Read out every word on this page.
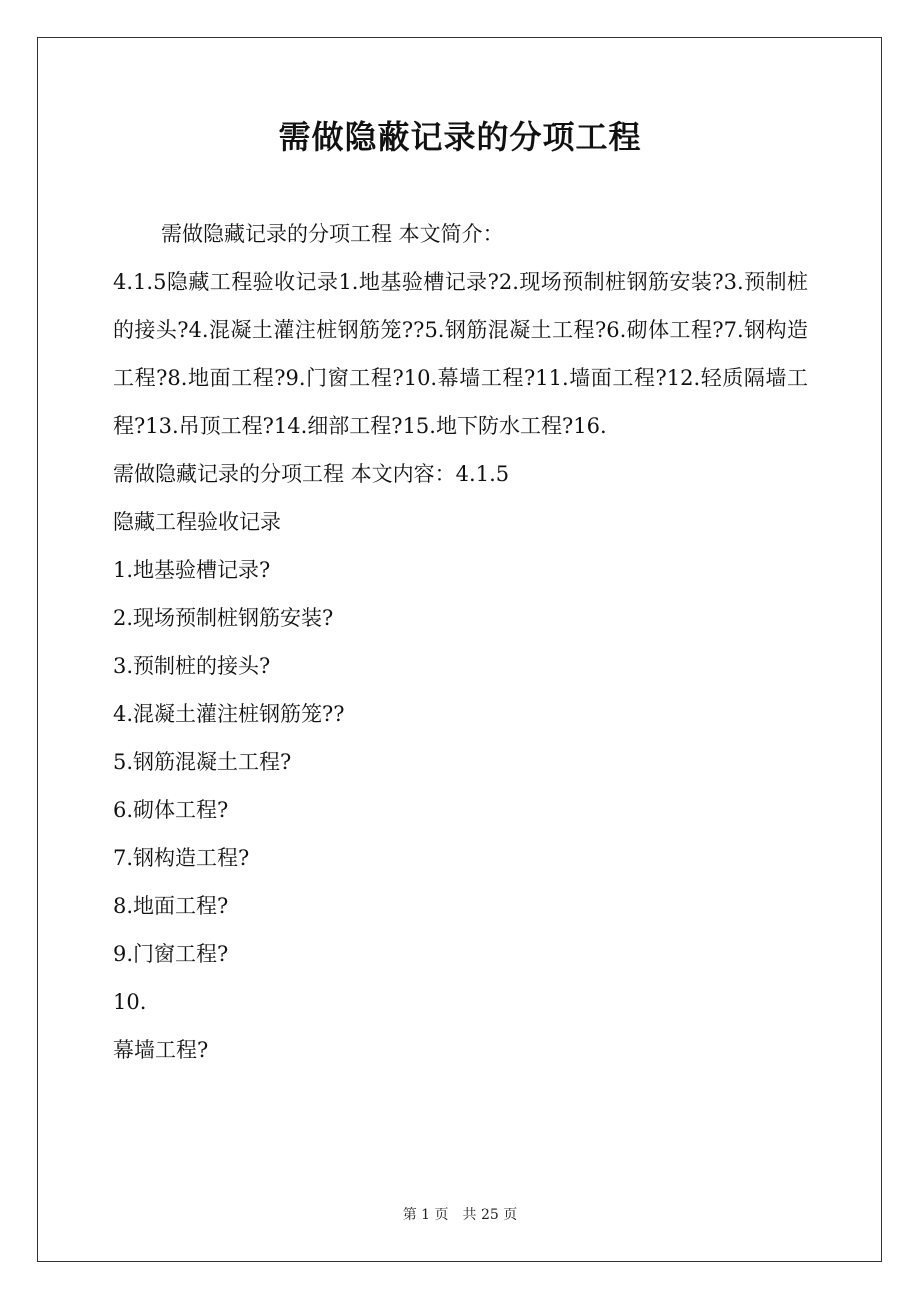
需做隐蔽记录的分项工程

需做隐藏记录的分项工程 本文简介：

4.1.5隐藏工程验收记录1.地基验槽记录?2.现场预制桩钢筋安装?3.预制桩的接头?4.混凝土灌注桩钢筋笼??5.钢筋混凝土工程?6.砌体工程?7.钢构造工程?8.地面工程?9.门窗工程?10.幕墙工程?11.墙面工程?12.轻质隔墙工程?13.吊顶工程?14.细部工程?15.地下防水工程?16.

需做隐藏记录的分项工程 本文内容：4.1.5

隐藏工程验收记录

1.地基验槽记录?

2.现场预制桩钢筋安装?

3.预制桩的接头?

4.混凝土灌注桩钢筋笼??

5.钢筋混凝土工程?

6.砌体工程?

7.钢构造工程?

8.地面工程?

9.门窗工程?

10.

幕墙工程?

第 1 页　共 25 页
